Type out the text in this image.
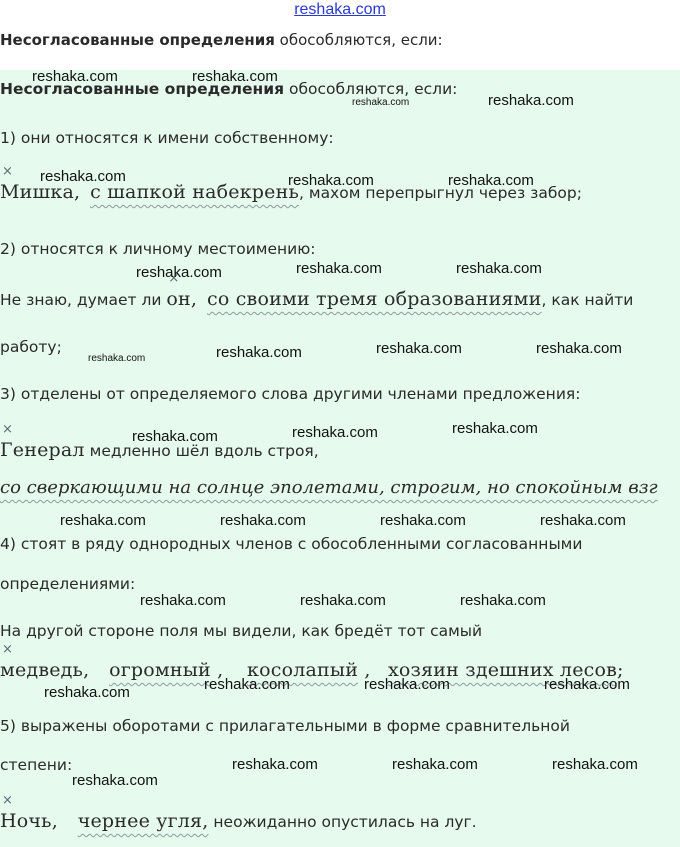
reshaka.com
Несогласованные определения обособляются, если:
Несогласованные определения обособляются, если:
1) они относятся к имени собственному:
× Мишка, с шапкой набекрень, махом перепрыгнул через забор;
2) относятся к личному местоимению:
Не знаю, думает ли × он, со своими тремя образованиями, как найти
работу;
3) отделены от определяемого слова другими членами предложения:
× Генерал медленно шёл вдоль строя,
со сверкающими на солнце эполетами, строгим, но спокойным взг
4) стоят в ряду однородных членов с обособленными согласованными
определениями:
На другой стороне поля мы видели, как бредёт тот самый
× медведь, огромный ,    косолапый ,   хозяин здешних лесов;
5) выражены оборотами с прилагательными в форме сравнительной
степени:
× Ночь, чернее угля, неожиданно опустилась на луг.
reshaka.com	reshaka.com
reshaka.com	reshaka.com
reshaka.com	reshaka.com	reshaka.com
reshaka.com	reshaka.com	reshaka.com
reshaka.com	reshaka.com	reshaka.com	reshaka.com
reshaka.com	reshaka.com	reshaka.com
reshaka.com	reshaka.com	reshaka.com	reshaka.com
reshaka.com	reshaka.com	reshaka.com
reshaka.com	reshaka.com	reshaka.com	reshaka.com
reshaka.com
reshaka.com	reshaka.com	reshaka.com
